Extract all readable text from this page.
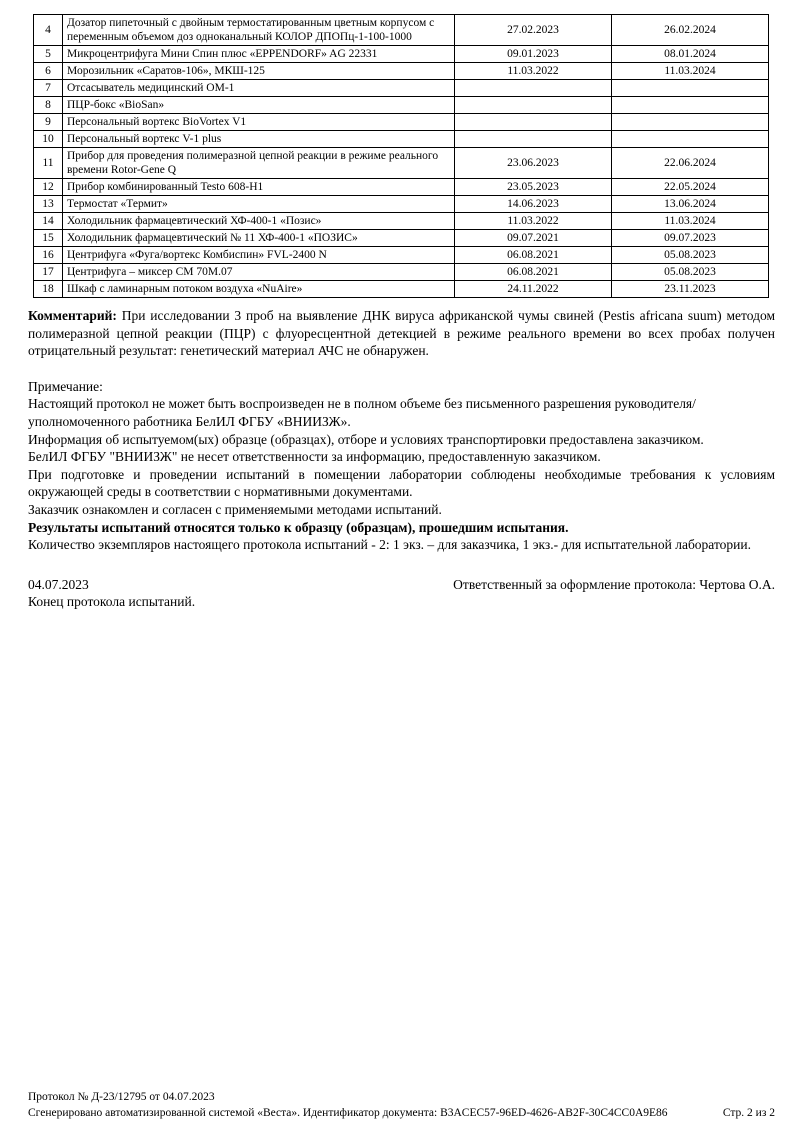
4	Дозатор пипеточный с двойным термостатированным цветным корпусом с переменным объемом доз одноканальный КОЛОР ДПОПц-1-100-1000	27.02.2023	26.02.2024
5	Микроцентрифуга Мини Спин плюс «EPPENDORF» AG 22331	09.01.2023	08.01.2024
6	Морозильник «Саратов-106», МКШ-125	11.03.2022	11.03.2024
7	Отсасыватель медицинский ОМ-1		
8	ПЦР-бокс «BioSan»		
9	Персональный вортекс BioVortex V1		
10	Персональный вортекс V-1 plus		
11	Прибор для проведения полимеразной цепной реакции в режиме реального времени Rotor-Gene Q	23.06.2023	22.06.2024
12	Прибор комбинированный Testo 608-H1	23.05.2023	22.05.2024
13	Термостат «Термит»	14.06.2023	13.06.2024
14	Холодильник фармацевтический ХФ-400-1 «Позис»	11.03.2022	11.03.2024
15	Холодильник фармацевтический № 11 ХФ-400-1 «ПОЗИС»	09.07.2021	09.07.2023
16	Центрифуга «Фуга/вортекс Комбиспин» FVL-2400 N	06.08.2021	05.08.2023
17	Центрифуга – миксер СМ 70М.07	06.08.2021	05.08.2023
18	Шкаф с ламинарным потоком воздуха «NuAire»	24.11.2022	23.11.2023

Комментарий: При исследовании 3 проб на выявление ДНК вируса африканской чумы свиней (Pestis africana suum) методом полимеразной цепной реакции (ПЦР) с флуоресцентной детекцией в режиме реального времени во всех пробах получен отрицательный результат: генетический материал АЧС не обнаружен.

Примечание:

Настоящий протокол не может быть воспроизведен не в полном объеме без письменного разрешения руководителя/уполномоченного работника БелИЛ ФГБУ «ВНИИЗЖ».

Информация об испытуемом(ых) образце (образцах), отборе и условиях транспортировки предоставлена заказчиком.

БелИЛ ФГБУ "ВНИИЗЖ" не несет ответственности за информацию, предоставленную заказчиком.

При подготовке и проведении испытаний в помещении лаборатории соблюдены необходимые требования к условиям окружающей среды в соответствии с нормативными документами.

Заказчик ознакомлен и согласен с применяемыми методами испытаний.

Результаты испытаний относятся только к образцу (образцам), прошедшим испытания.

Количество экземпляров настоящего протокола испытаний - 2: 1 экз. – для заказчика, 1 экз.- для испытательной лаборатории.

04.07.2023	Ответственный за оформление протокола: Чертова О.А.

Конец протокола испытаний.

Протокол № Д-23/12795 от 04.07.2023
Сгенерировано автоматизированной системой «Веста». Идентификатор документа: B3ACEC57-96ED-4626-AB2F-30C4CC0A9E86	Стр. 2 из 2
